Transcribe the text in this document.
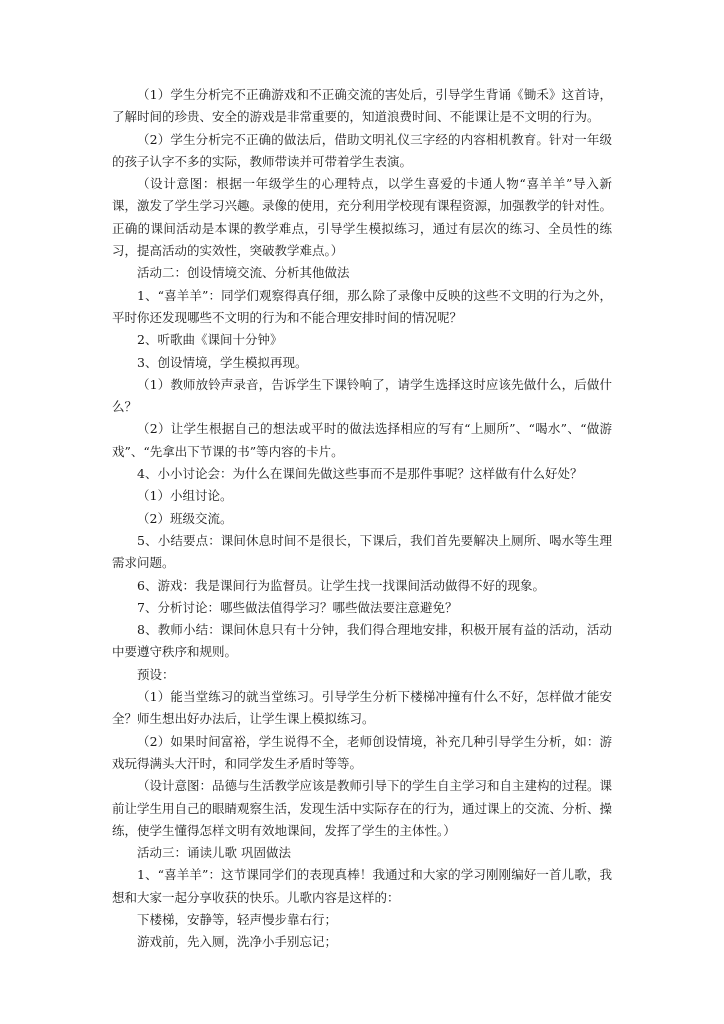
（1）学生分析完不正确游戏和不正确交流的害处后，引导学生背诵《锄禾》这首诗，了解时间的珍贵、安全的游戏是非常重要的，知道浪费时间、不能课让是不文明的行为。

（2）学生分析完不正确的做法后，借助文明礼仪三字经的内容相机教育。针对一年级的孩子认字不多的实际，教师带读并可带着学生表演。

（设计意图：根据一年级学生的心理特点，以学生喜爱的卡通人物“喜羊羊”导入新课，激发了学生学习兴趣。录像的使用，充分利用学校现有课程资源，加强教学的针对性。正确的课间活动是本课的教学难点，引导学生模拟练习，通过有层次的练习、全员性的练习，提高活动的实效性，突破教学难点。）

活动二：创设情境交流、分析其他做法

1、“喜羊羊”：同学们观察得真仔细，那么除了录像中反映的这些不文明的行为之外，平时你还发现哪些不文明的行为和不能合理安排时间的情况呢？

2、听歌曲《课间十分钟》

3、创设情境，学生模拟再现。

（1）教师放铃声录音，告诉学生下课铃响了，请学生选择这时应该先做什么，后做什么？

（2）让学生根据自己的想法或平时的做法选择相应的写有“上厕所”、“喝水”、“做游戏”、“先拿出下节课的书”等内容的卡片。

4、小小讨论会：为什么在课间先做这些事而不是那件事呢？这样做有什么好处？

（1）小组讨论。

（2）班级交流。

5、小结要点：课间休息时间不是很长，下课后，我们首先要解决上厕所、喝水等生理需求问题。

6、游戏：我是课间行为监督员。让学生找一找课间活动做得不好的现象。

7、分析讨论：哪些做法值得学习？哪些做法要注意避免？

8、教师小结：课间休息只有十分钟，我们得合理地安排，积极开展有益的活动，活动中要遵守秩序和规则。

预设：

（1）能当堂练习的就当堂练习。引导学生分析下楼梯冲撞有什么不好，怎样做才能安全？师生想出好办法后，让学生课上模拟练习。

（2）如果时间富裕，学生说得不全，老师创设情境，补充几种引导学生分析，如：游戏玩得满头大汗时，和同学发生矛盾时等等。

（设计意图：品德与生活教学应该是教师引导下的学生自主学习和自主建构的过程。课前让学生用自己的眼睛观察生活，发现生活中实际存在的行为，通过课上的交流、分析、操练，使学生懂得怎样文明有效地课间，发挥了学生的主体性。）

活动三：诵读儿歌 巩固做法

1、“喜羊羊”：这节课同学们的表现真棒！我通过和大家的学习刚刚编好一首儿歌，我想和大家一起分享收获的快乐。儿歌内容是这样的：

下楼梯，安静等，轻声慢步靠右行；

游戏前，先入厕，洗净小手别忘记；
